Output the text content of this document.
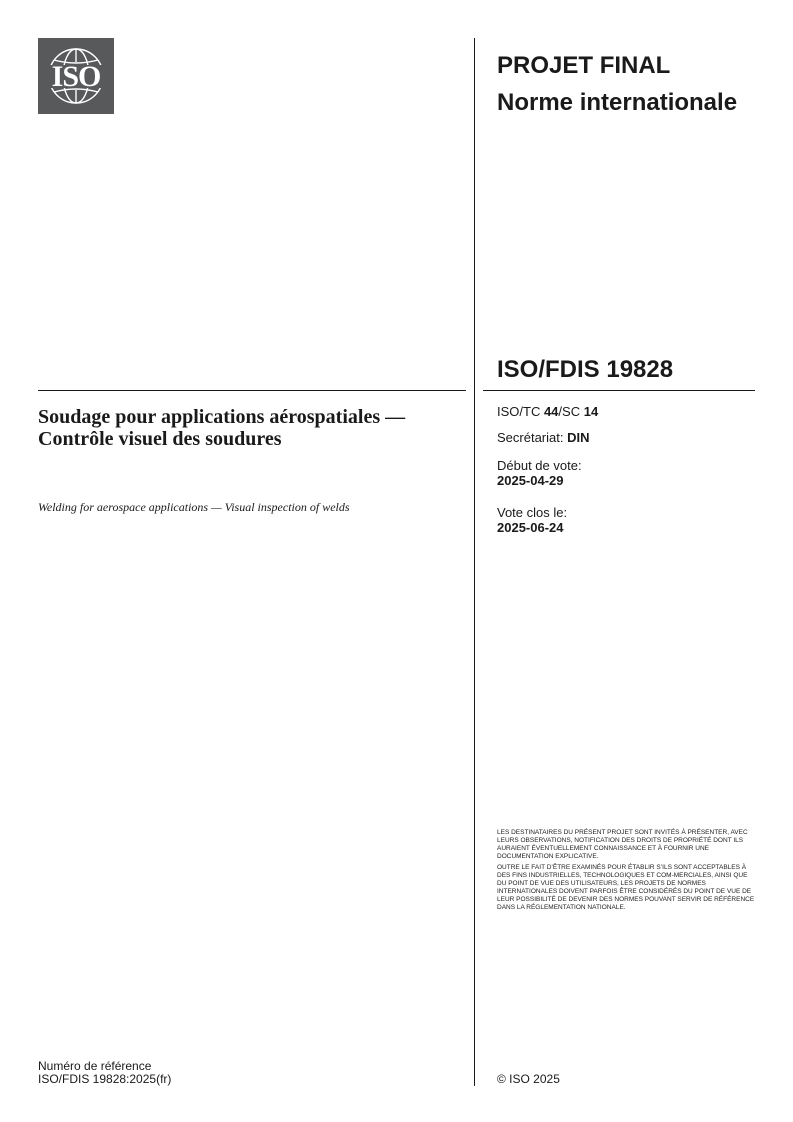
ISO	PROJET FINAL
Norme internationale
ISO/FDIS 19828
ISO/TC 44/SC 14
Secrétariat: DIN
Début de vote:
2025-04-29
Vote clos le:
2025-06-24
Soudage pour applications aérospatiales — Contrôle visuel des soudures
Welding for aerospace applications — Visual inspection of welds

LES DESTINATAIRES DU PRÉSENT PROJET SONT INVITÉS À PRÉSENTER, AVEC LEURS OBSERVATIONS, NOTIFICATION DES DROITS DE PROPRIÉTÉ DONT ILS AURAIENT ÉVENTUELLEMENT CONNAISSANCE ET À FOURNIR UNE DOCUMENTATION EXPLICATIVE.

OUTRE LE FAIT D’ÊTRE EXAMINÉS POUR ÉTABLIR S’ILS SONT ACCEPTABLES À DES FINS INDUSTRIELLES, TECHNOLOGIQUES ET COM-MERCIALES, AINSI QUE DU POINT DE VUE DES UTILISATEURS, LES PROJETS DE NORMES INTERNATIONALES DOIVENT PARFOIS ÊTRE CONSIDÉRÉS DU POINT DE VUE DE LEUR POSSIBILITÉ DE DEVENIR DES NORMES POUVANT SERVIR DE RÉFÉRENCE DANS LA RÉGLEMENTATION NATIONALE.

Numéro de référence
ISO/FDIS 19828:2025(fr)	© ISO 2025
